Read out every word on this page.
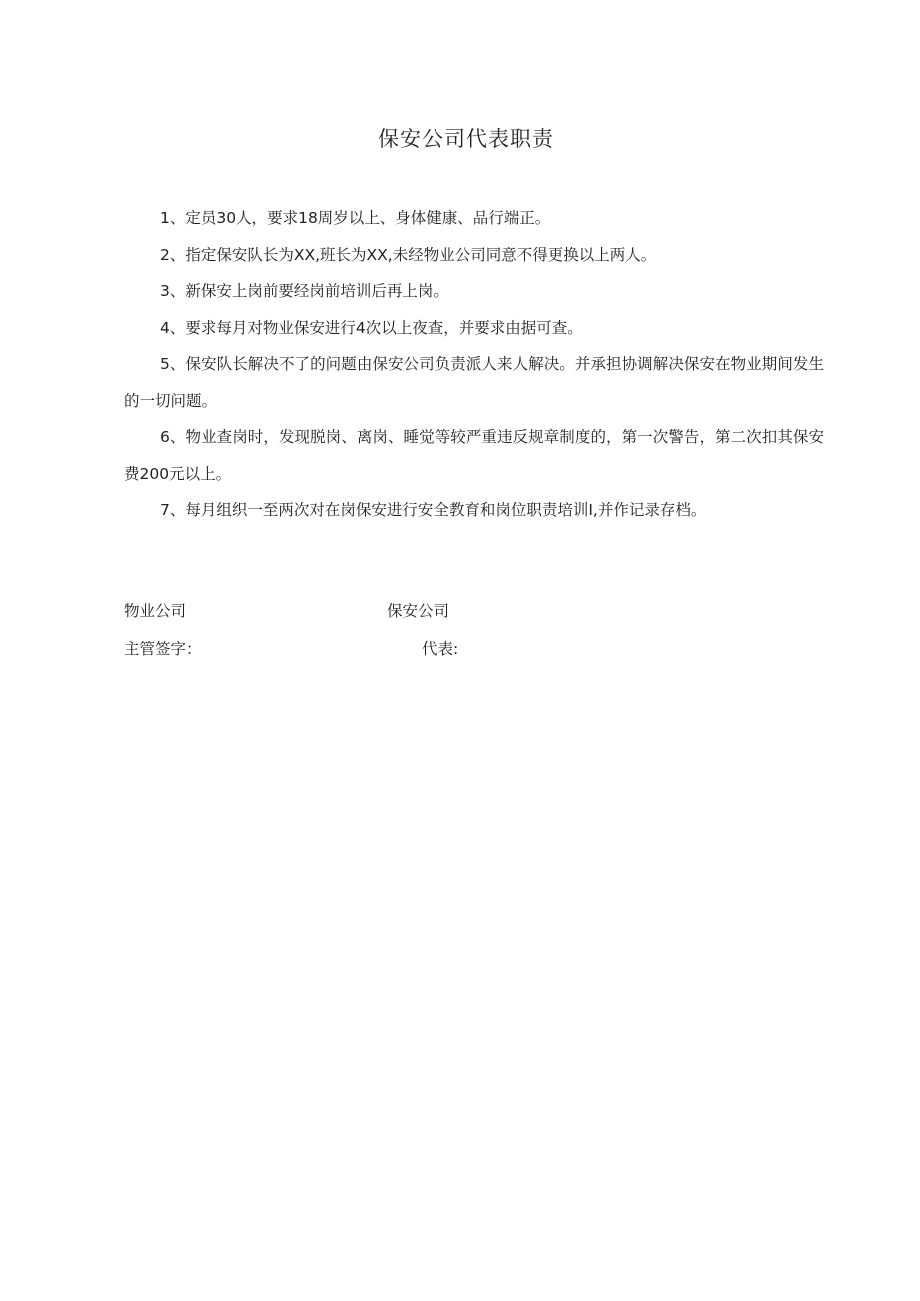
保安公司代表职责

1、定员30人，要求18周岁以上、身体健康、品行端正。

2、指定保安队长为XX,班长为XX,未经物业公司同意不得更换以上两人。

3、新保安上岗前要经岗前培训后再上岗。

4、要求每月对物业保安进行4次以上夜查，并要求由据可查。

5、保安队长解决不了的问题由保安公司负责派人来人解决。并承担协调解决保安在物业期间发生的一切问题。

6、物业查岗时，发现脱岗、离岗、睡觉等较严重违反规章制度的，第一次警告，第二次扣其保安费200元以上。

7、每月组织一至两次对在岗保安进行安全教育和岗位职责培训I,并作记录存档。

物业公司	保安公司
主管签字：	代表:
